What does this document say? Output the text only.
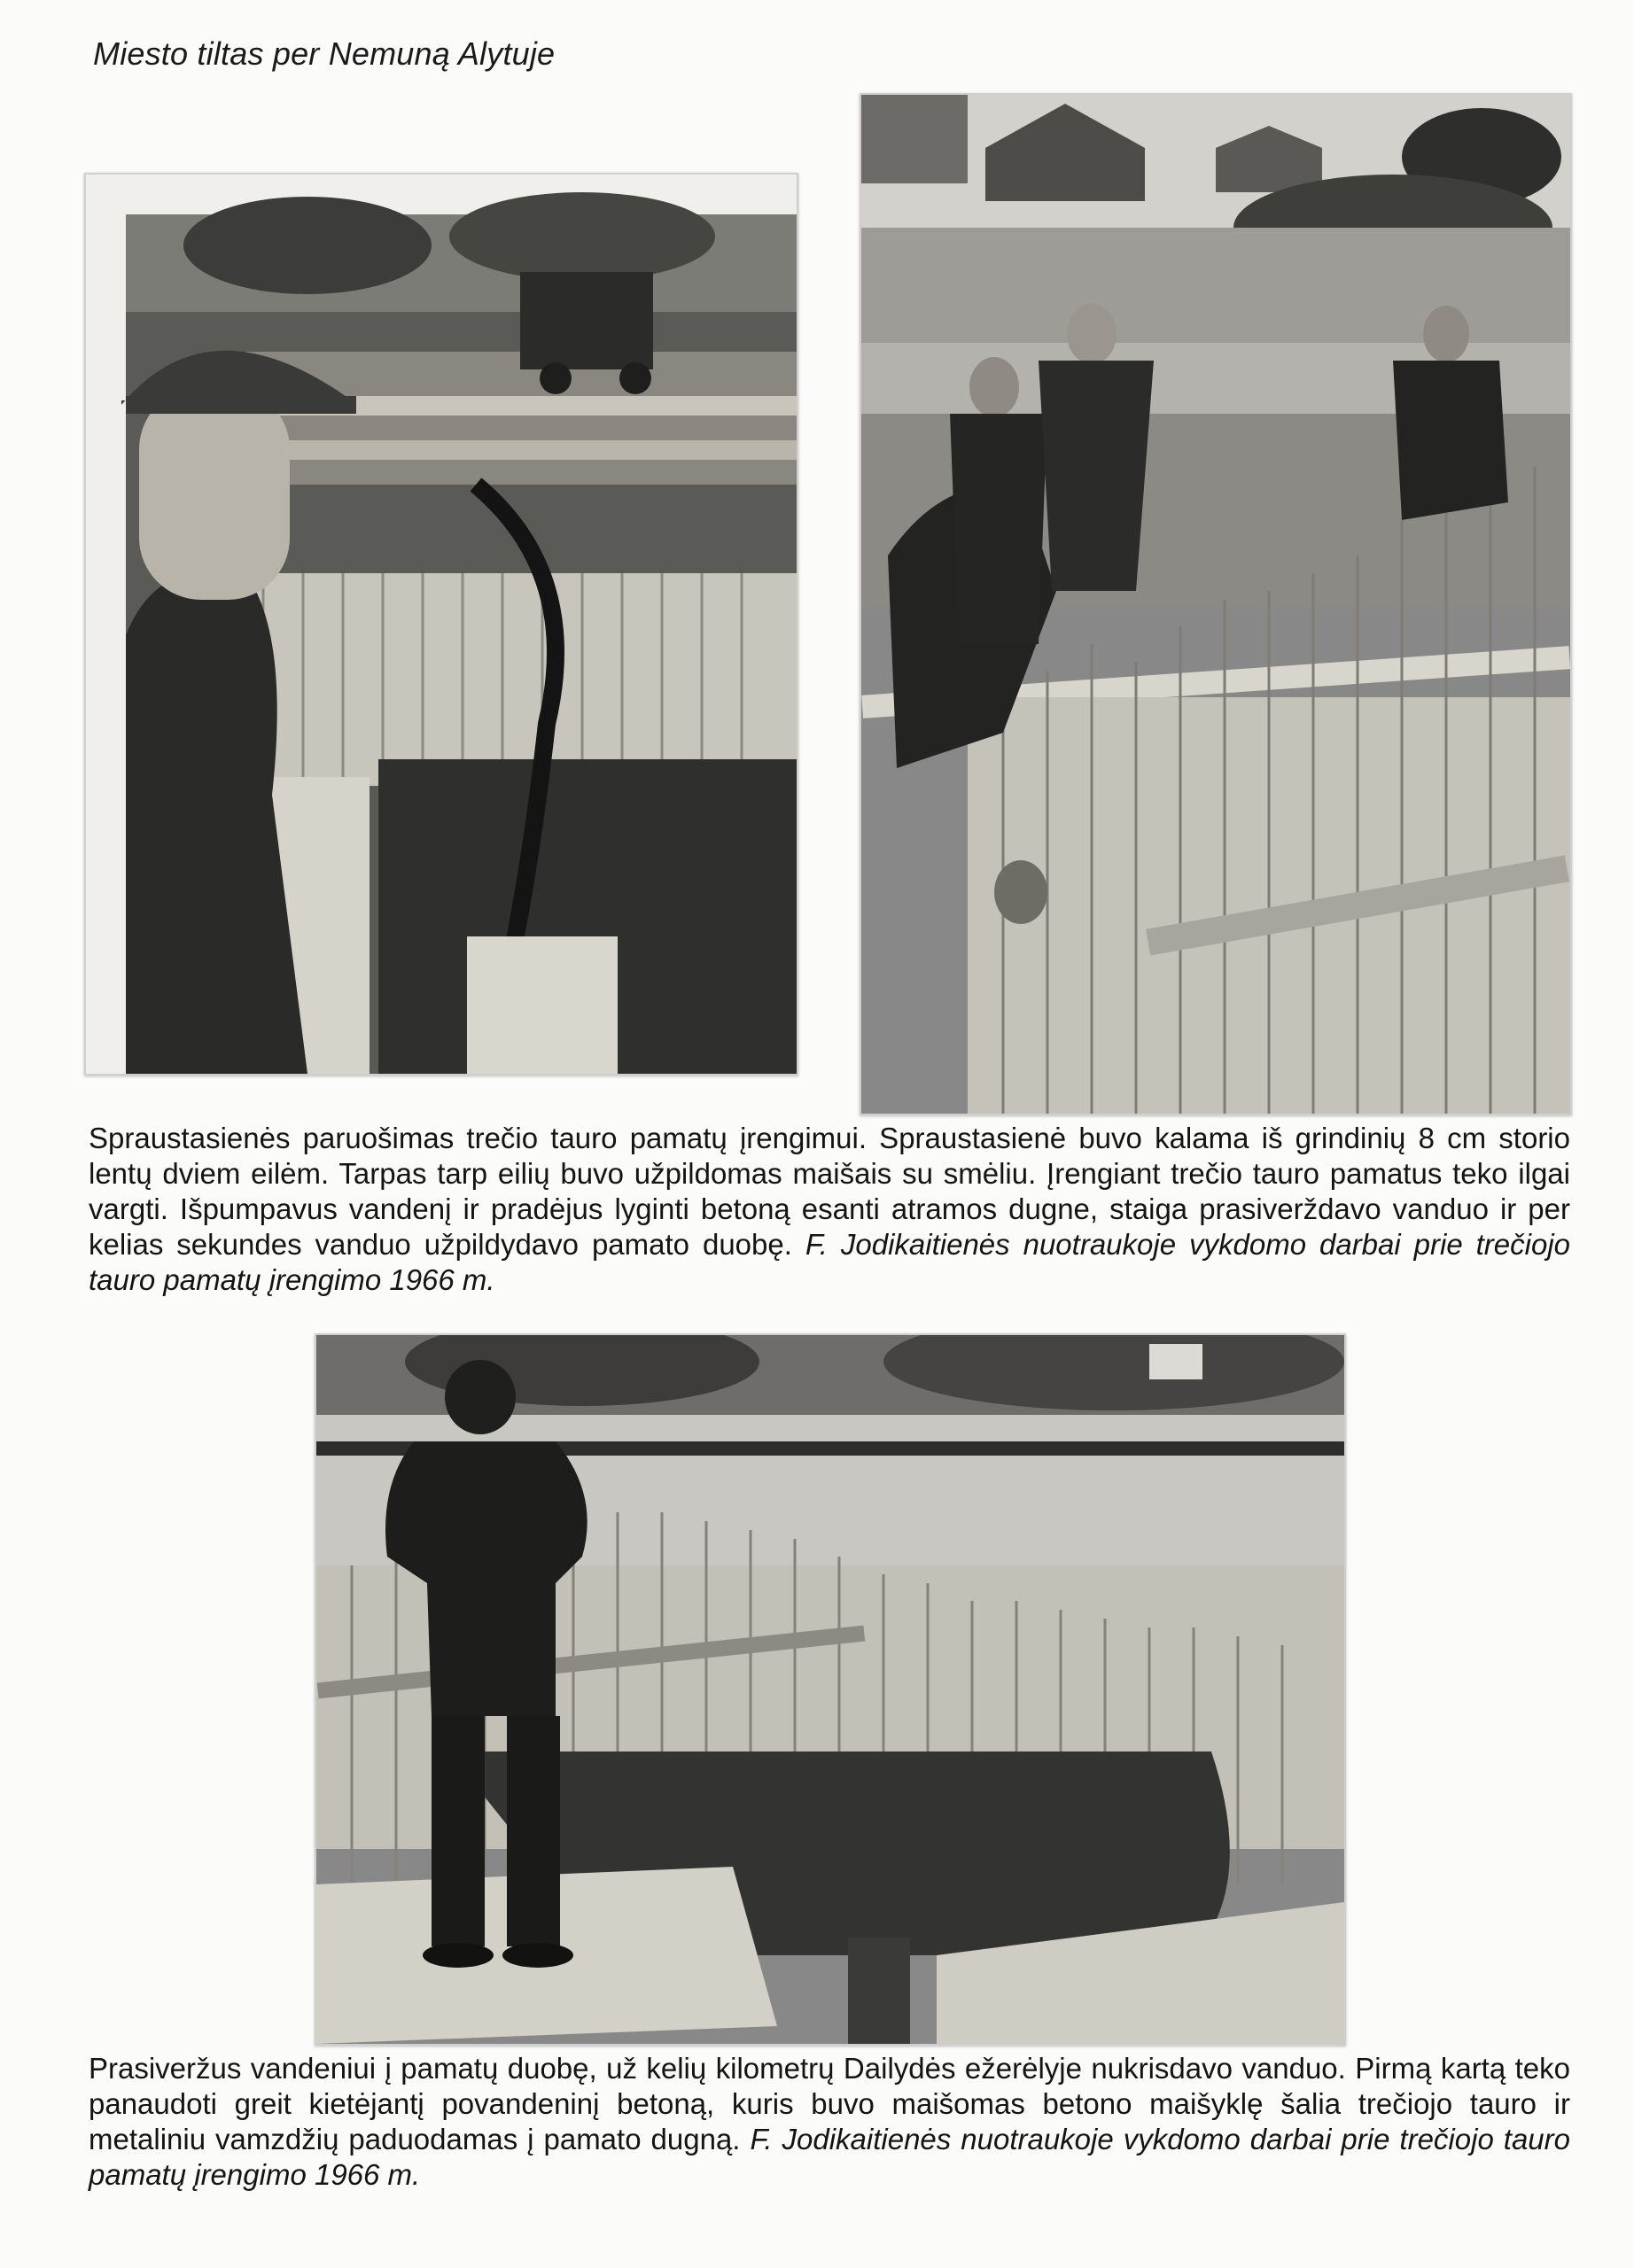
Miesto tiltas per Nemuną Alytuje
Spraustasienės paruošimas trečio tauro pamatų įrengimui. Spraustasienė buvo kalama iš grindinių 8 cm storio lentų dviem eilėm. Tarpas tarp eilių buvo užpildomas maišais su smėliu. Įrengiant trečio tauro pamatus teko ilgai vargti. Išpumpavus vandenį ir pradėjus lyginti betoną esanti atramos dugne, staiga prasiverždavo vanduo ir per kelias sekundes vanduo užpildydavo pamato duobę. F. Jodikaitienės nuotraukoje vykdomo darbai prie trečiojo tauro pamatų įrengimo 1966 m.
Prasiveržus vandeniui į pamatų duobę, už kelių kilometrų Dailydės ežerėlyje nukrisdavo vanduo. Pirmą kartą teko panaudoti greit kietėjantį povandeninį betoną, kuris buvo maišomas betono maišyklę šalia trečiojo tauro ir metaliniu vamzdžių paduodamas į pamato dugną. F. Jodikaitienės nuotraukoje vykdomo darbai prie trečiojo tauro pamatų įrengimo 1966 m.
